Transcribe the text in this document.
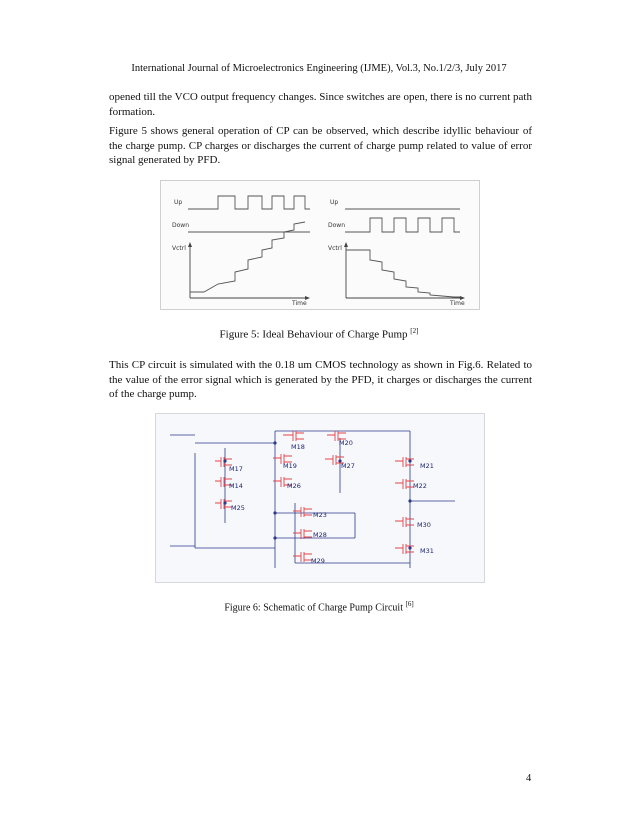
International Journal of Microelectronics Engineering (IJME), Vol.3, No.1/2/3, July 2017

opened till the VCO output frequency changes. Since switches are open, there is no current path formation.

Figure 5 shows general operation of CP can be observed, which describe idyllic behaviour of the charge pump. CP charges or discharges the current of charge pump related to value of error signal generated by PFD.

Up
Down
Vctrl
Time
Up
Down
Vctrl
Time
Figure 5: Ideal Behaviour of Charge Pump [2]

This CP circuit is simulated with the 0.18 um CMOS technology as shown in Fig.6. Related to the value of the error signal which is generated by the PFD, it charges or discharges the current of the charge pump.

M18	M20
M17	M19	M27	M21
M14	M26	M22
M25
M23
M30
M28
M31
M29
Figure 6: Schematic of Charge Pump Circuit [6]
4
